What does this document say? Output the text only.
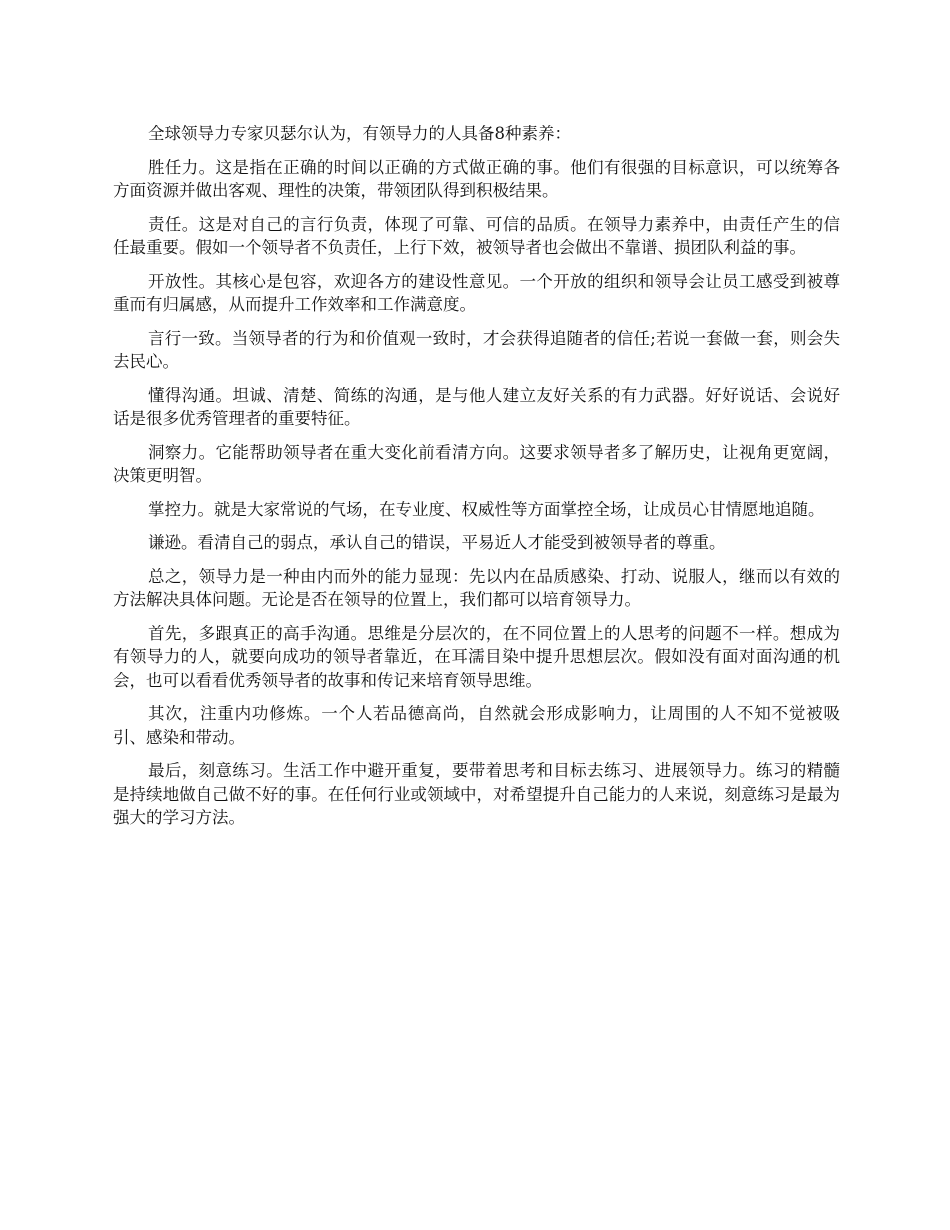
全球领导力专家贝瑟尔认为，有领导力的人具备8种素养：

胜任力。这是指在正确的时间以正确的方式做正确的事。他们有很强的目标意识，可以统筹各方面资源并做出客观、理性的决策，带领团队得到积极结果。

责任。这是对自己的言行负责，体现了可靠、可信的品质。在领导力素养中，由责任产生的信任最重要。假如一个领导者不负责任，上行下效，被领导者也会做出不靠谱、损团队利益的事。

开放性。其核心是包容，欢迎各方的建设性意见。一个开放的组织和领导会让员工感受到被尊重而有归属感，从而提升工作效率和工作满意度。

言行一致。当领导者的行为和价值观一致时，才会获得追随者的信任;若说一套做一套，则会失去民心。

懂得沟通。坦诚、清楚、简练的沟通，是与他人建立友好关系的有力武器。好好说话、会说好话是很多优秀管理者的重要特征。

洞察力。它能帮助领导者在重大变化前看清方向。这要求领导者多了解历史，让视角更宽阔，决策更明智。

掌控力。就是大家常说的气场，在专业度、权威性等方面掌控全场，让成员心甘情愿地追随。

谦逊。看清自己的弱点，承认自己的错误，平易近人才能受到被领导者的尊重。

总之，领导力是一种由内而外的能力显现：先以内在品质感染、打动、说服人，继而以有效的方法解决具体问题。无论是否在领导的位置上，我们都可以培育领导力。

首先，多跟真正的高手沟通。思维是分层次的，在不同位置上的人思考的问题不一样。想成为有领导力的人，就要向成功的领导者靠近，在耳濡目染中提升思想层次。假如没有面对面沟通的机会，也可以看看优秀领导者的故事和传记来培育领导思维。

其次，注重内功修炼。一个人若品德高尚，自然就会形成影响力，让周围的人不知不觉被吸引、感染和带动。

最后，刻意练习。生活工作中避开重复，要带着思考和目标去练习、进展领导力。练习的精髓是持续地做自己做不好的事。在任何行业或领域中，对希望提升自己能力的人来说，刻意练习是最为强大的学习方法。
